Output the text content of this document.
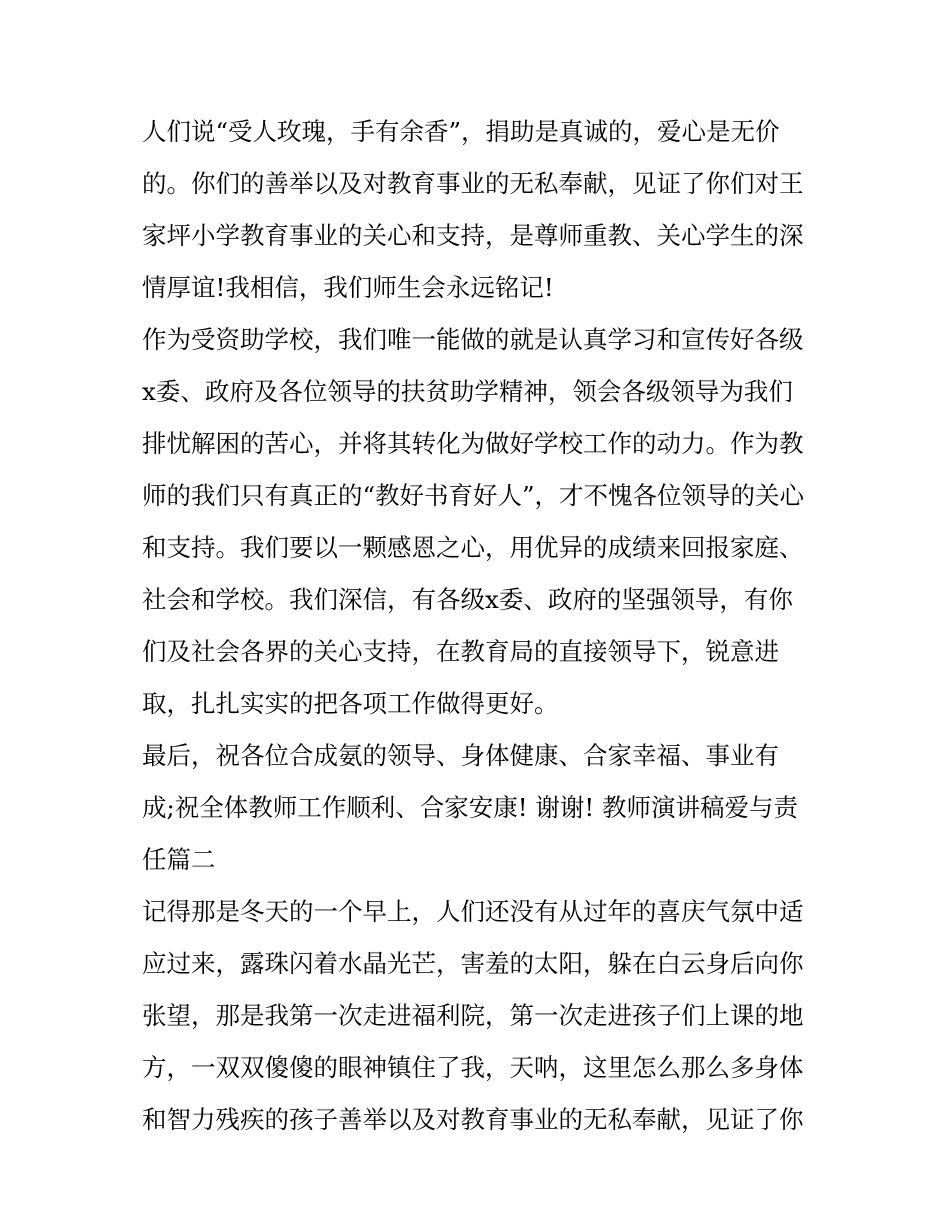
人们说“受人玫瑰，手有余香”，捐助是真诚的，爱心是无价
的。你们的善举以及对教育事业的无私奉献，见证了你们对王
家坪小学教育事业的关心和支持，是尊师重教、关心学生的深
情厚谊!我相信，我们师生会永远铭记!
作为受资助学校，我们唯一能做的就是认真学习和宣传好各级
x委、政府及各位领导的扶贫助学精神，领会各级领导为我们
排忧解困的苦心，并将其转化为做好学校工作的动力。作为教
师的我们只有真正的“教好书育好人”，才不愧各位领导的关心
和支持。我们要以一颗感恩之心，用优异的成绩来回报家庭、
社会和学校。我们深信，有各级x委、政府的坚强领导，有你
们及社会各界的关心支持，在教育局的直接领导下，锐意进
取，扎扎实实的把各项工作做得更好。
最后，祝各位合成氨的领导、身体健康、合家幸福、事业有
成;祝全体教师工作顺利、合家安康! 谢谢! 教师演讲稿爱与责
任篇二
记得那是冬天的一个早上，人们还没有从过年的喜庆气氛中适
应过来，露珠闪着水晶光芒，害羞的太阳，躲在白云身后向你
张望，那是我第一次走进福利院，第一次走进孩子们上课的地
方，一双双傻傻的眼神镇住了我，天呐，这里怎么那么多身体
和智力残疾的孩子善举以及对教育事业的无私奉献，见证了你
